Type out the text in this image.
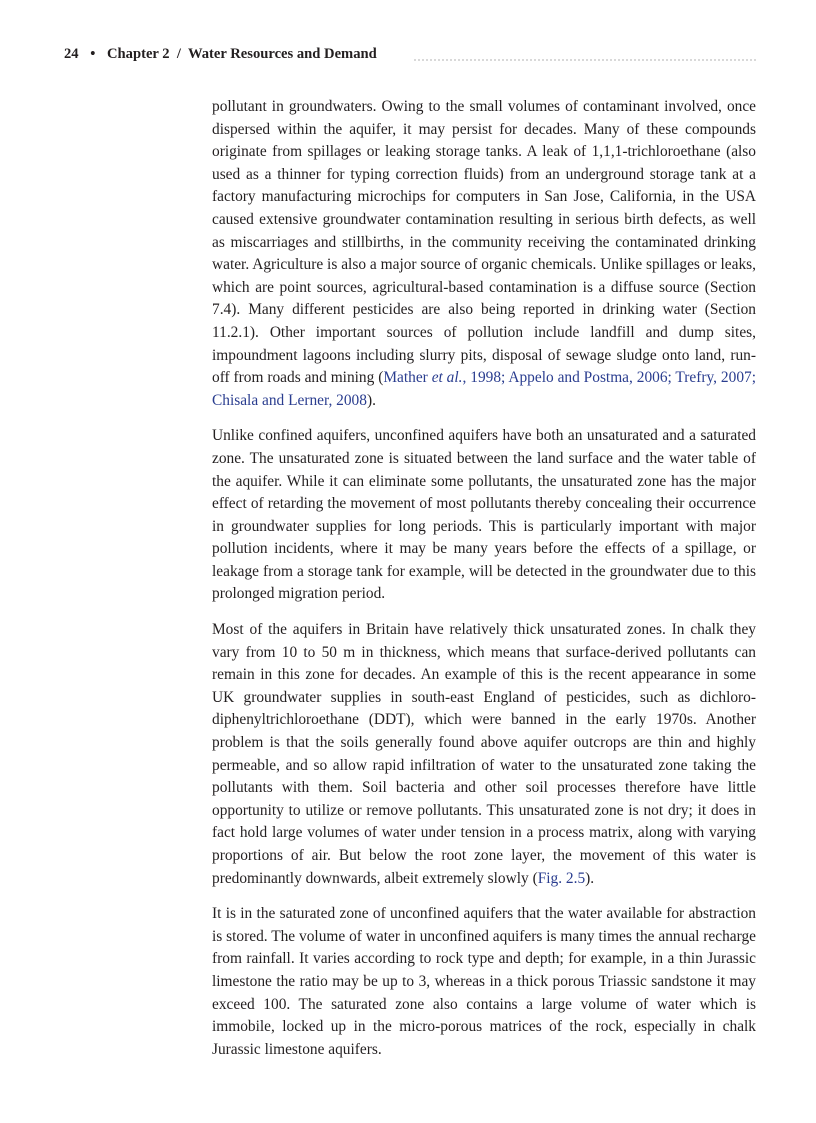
24 • Chapter 2  /  Water Resources and Demand

pollutant in groundwaters. Owing to the small volumes of contaminant involved, once dispersed within the aquifer, it may persist for decades. Many of these compounds originate from spillages or leaking storage tanks. A leak of 1,1,1-trichloroethane (also used as a thinner for typing correction fluids) from an underground storage tank at a factory manufacturing microchips for computers in San Jose, California, in the USA caused extensive groundwater contamination resulting in serious birth defects, as well as miscarriages and stillbirths, in the community receiving the contaminated drinking water. Agriculture is also a major source of organic chemicals. Unlike spillages or leaks, which are point sources, agricultural-based contamination is a diffuse source (Section 7.4). Many different pesticides are also being reported in drinking water (Section 11.2.1). Other important sources of pollution include landfill and dump sites, impoundment lagoons including slurry pits, disposal of sewage sludge onto land, run-off from roads and mining (Mather et al., 1998; Appelo and Postma, 2006; Trefry, 2007; Chisala and Lerner, 2008).

Unlike confined aquifers, unconfined aquifers have both an unsaturated and a saturated zone. The unsaturated zone is situated between the land surface and the water table of the aquifer. While it can eliminate some pollutants, the unsaturated zone has the major effect of retarding the movement of most pollutants thereby concealing their occurrence in groundwater supplies for long periods. This is particularly important with major pollution incidents, where it may be many years before the effects of a spillage, or leakage from a storage tank for example, will be detected in the groundwater due to this prolonged migration period.

Most of the aquifers in Britain have relatively thick unsaturated zones. In chalk they vary from 10 to 50 m in thickness, which means that surface-derived pollutants can remain in this zone for decades. An example of this is the recent appearance in some UK groundwater supplies in south-east England of pesticides, such as dichloro-diphenyltrichloroethane (DDT), which were banned in the early 1970s. Another problem is that the soils generally found above aquifer outcrops are thin and highly permeable, and so allow rapid infiltration of water to the unsaturated zone taking the pollutants with them. Soil bacteria and other soil processes therefore have little opportunity to utilize or remove pollutants. This unsaturated zone is not dry; it does in fact hold large volumes of water under tension in a process matrix, along with varying proportions of air. But below the root zone layer, the movement of this water is predominantly downwards, albeit extremely slowly (Fig. 2.5).

It is in the saturated zone of unconfined aquifers that the water available for abstraction is stored. The volume of water in unconfined aquifers is many times the annual recharge from rainfall. It varies according to rock type and depth; for example, in a thin Jurassic limestone the ratio may be up to 3, whereas in a thick porous Triassic sandstone it may exceed 100. The saturated zone also contains a large volume of water which is immobile, locked up in the micro-porous matrices of the rock, especially in chalk Jurassic limestone aquifers.
